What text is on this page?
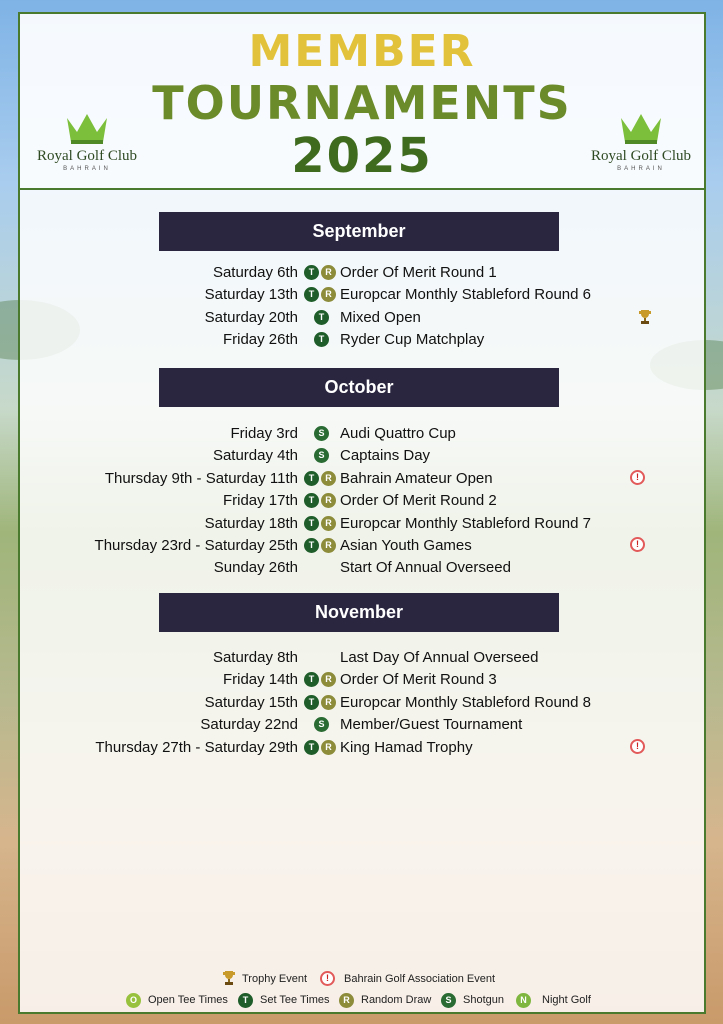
Royal Golf Club
BAHRAIN
MEMBER
TOURNAMENTS
2025	Royal Golf Club
BAHRAIN
September
Saturday 6th	T	R Order Of Merit Round 1
Saturday 13th	T	R Europcar Monthly Stableford Round 6
Saturday 20th	T	Mixed Open
Friday 26th	T	Ryder Cup Matchplay
October
Friday 3rd	S	Audi Quattro Cup
Saturday 4th	S	Captains Day
Thursday 9th - Saturday 11th	T	R Bahrain Amateur Open	!
Friday 17th	T	R Order Of Merit Round 2
Saturday 18th	T	R Europcar Monthly Stableford Round 7
Thursday 23rd - Saturday 25th	T	R Asian Youth Games	!
Sunday 26th	Start Of Annual Overseed
November
Saturday 8th	Last Day Of Annual Overseed
Friday 14th	T	R Order Of Merit Round 3
Saturday 15th	T	R Europcar Monthly Stableford Round 8
Saturday 22nd	S	Member/Guest Tournament
Thursday 27th - Saturday 29th	T	R King Hamad Trophy	!
Trophy Event	!	Bahrain Golf Association Event
O	Open Tee Times	T	Set Tee Times	R	Random Draw	S	Shotgun	N	Night Golf
